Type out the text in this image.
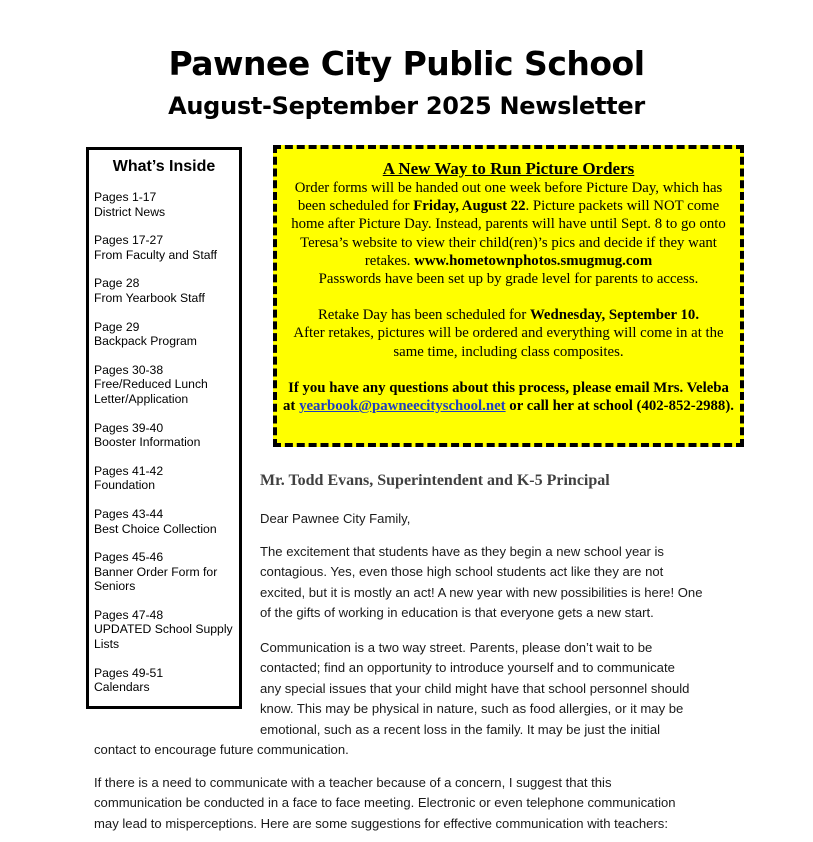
Pawnee City Public School
August-September 2025 Newsletter
What’s Inside
Pages 1-17
District News
Pages 17-27
From Faculty and Staff
Page 28
From Yearbook Staff
Page 29
Backpack Program
Pages 30-38
Free/Reduced Lunch Letter/Application
Pages 39-40
Booster Information
Pages 41-42
Foundation
Pages 43-44
Best Choice Collection
Pages 45-46
Banner Order Form for Seniors
Pages 47-48
UPDATED School Supply Lists
Pages 49-51
Calendars

A New Way to Run Picture Orders

Order forms will be handed out one week before Picture Day, which has been scheduled for Friday, August 22. Picture packets will NOT come home after Picture Day. Instead, parents will have until Sept. 8 to go onto Teresa’s website to view their child(ren)’s pics and decide if they want retakes. www.hometownphotos.smugmug.com
Passwords have been set up by grade level for parents to access.

Retake Day has been scheduled for Wednesday, September 10.
After retakes, pictures will be ordered and everything will come in at the same time, including class composites.

If you have any questions about this process, please email Mrs. Veleba at yearbook@pawneecityschool.net or call her at school (402-852-2988).

Mr. Todd Evans, Superintendent and K-5 Principal
Dear Pawnee City Family,
The excitement that students have as they begin a new school year is
contagious. Yes, even those high school students act like they are not
excited, but it is mostly an act! A new year with new possibilities is here! One
of the gifts of working in education is that everyone gets a new start.
Communication is a two way street. Parents, please don’t wait to be
contacted; find an opportunity to introduce yourself and to communicate
any special issues that your child might have that school personnel should
know. This may be physical in nature, such as food allergies, or it may be
emotional, such as a recent loss in the family. It may be just the initial
contact to encourage future communication.
If there is a need to communicate with a teacher because of a concern, I suggest that this
communication be conducted in a face to face meeting. Electronic or even telephone communication
may lead to misperceptions. Here are some suggestions for effective communication with teachers:
